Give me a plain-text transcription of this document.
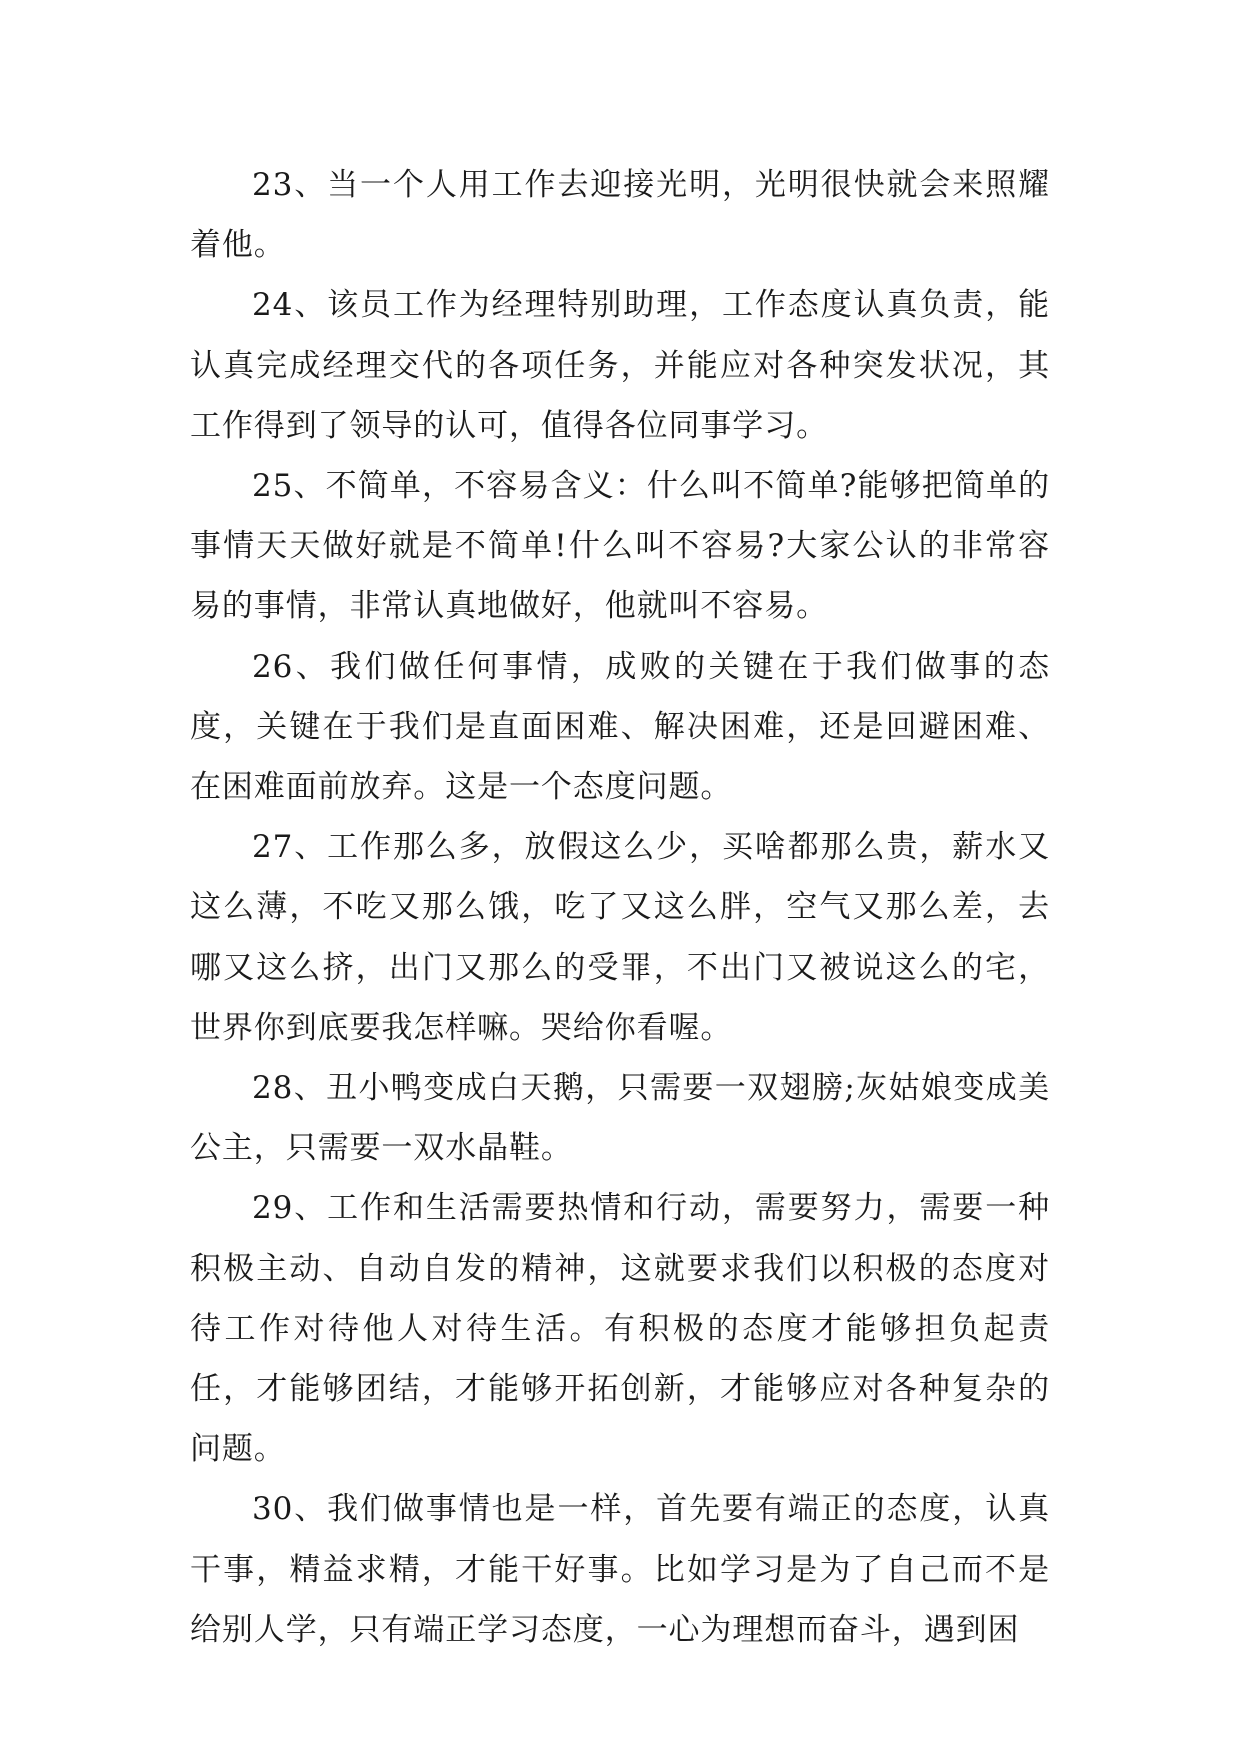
23、当一个人用工作去迎接光明，光明很快就会来照耀着他。

24、该员工作为经理特别助理，工作态度认真负责，能认真完成经理交代的各项任务，并能应对各种突发状况，其工作得到了领导的认可，值得各位同事学习。

25、不简单，不容易含义：什么叫不简单?能够把简单的事情天天做好就是不简单!什么叫不容易?大家公认的非常容易的事情，非常认真地做好，他就叫不容易。

26、我们做任何事情，成败的关键在于我们做事的态度，关键在于我们是直面困难、解决困难，还是回避困难、在困难面前放弃。这是一个态度问题。

27、工作那么多，放假这么少，买啥都那么贵，薪水又这么薄，不吃又那么饿，吃了又这么胖，空气又那么差，去哪又这么挤，出门又那么的受罪，不出门又被说这么的宅，世界你到底要我怎样嘛。哭给你看喔。

28、丑小鸭变成白天鹅，只需要一双翅膀;灰姑娘变成美公主，只需要一双水晶鞋。

29、工作和生活需要热情和行动，需要努力，需要一种积极主动、自动自发的精神，这就要求我们以积极的态度对待工作对待他人对待生活。有积极的态度才能够担负起责任，才能够团结，才能够开拓创新，才能够应对各种复杂的问题。

30、我们做事情也是一样，首先要有端正的态度，认真干事，精益求精，才能干好事。比如学习是为了自己而不是给别人学，只有端正学习态度，一心为理想而奋斗，遇到困
